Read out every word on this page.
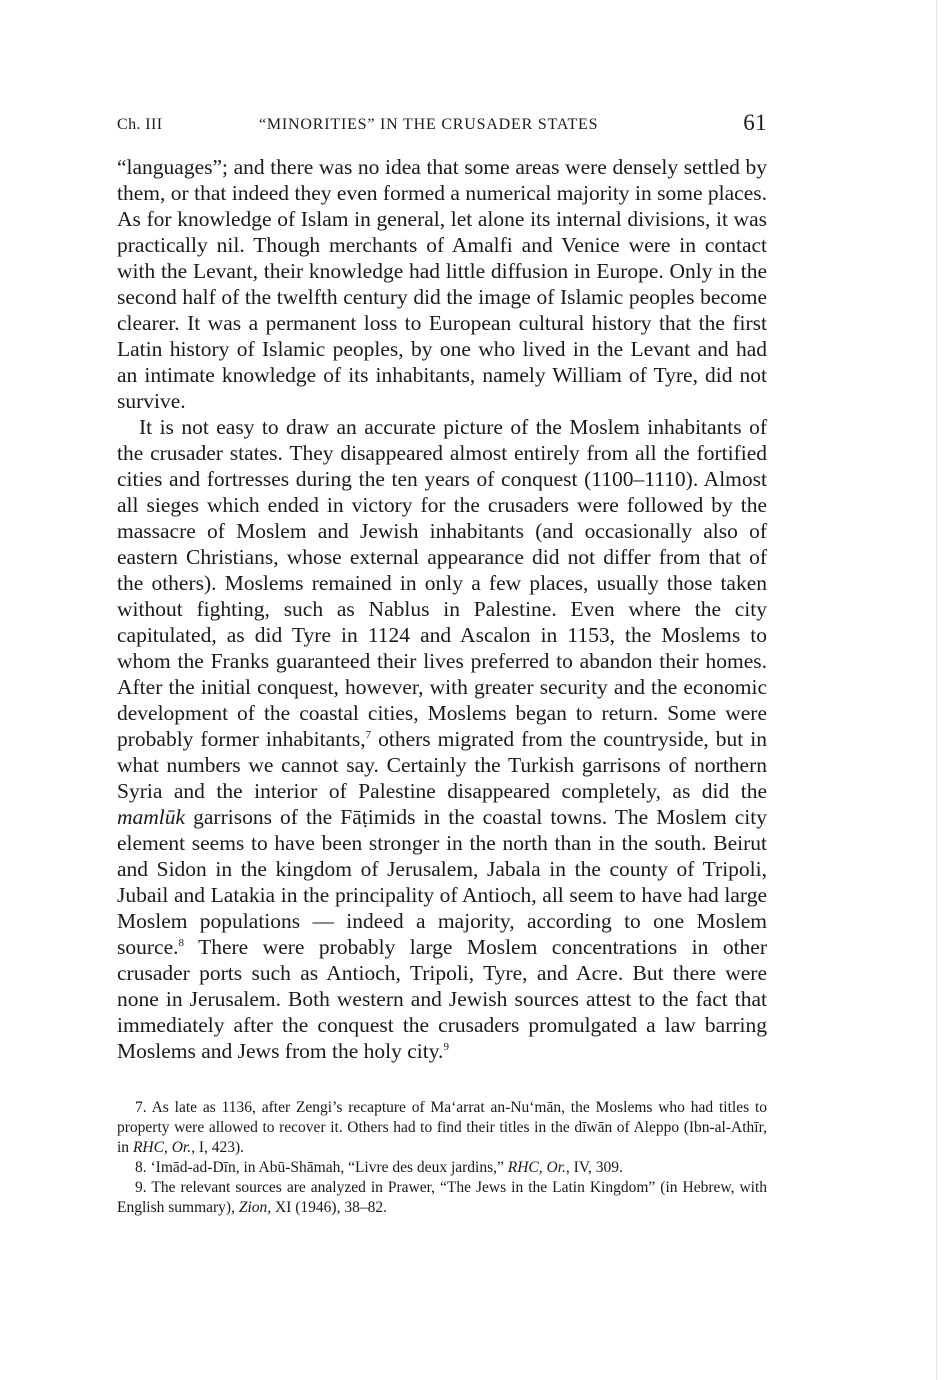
Ch. III	“MINORITIES” IN THE CRUSADER STATES	61

“languages”; and there was no idea that some areas were densely settled by them, or that indeed they even formed a numerical majority in some places. As for knowledge of Islam in general, let alone its internal divisions, it was practically nil. Though merchants of Amalfi and Venice were in contact with the Levant, their knowledge had little diffusion in Europe. Only in the second half of the twelfth century did the image of Islamic peoples become clearer. It was a permanent loss to European cultural history that the first Latin history of Islamic peoples, by one who lived in the Levant and had an intimate knowledge of its inhabitants, namely William of Tyre, did not survive.

It is not easy to draw an accurate picture of the Moslem inhabitants of the crusader states. They disappeared almost entirely from all the fortified cities and fortresses during the ten years of conquest (1100–1110). Almost all sieges which ended in victory for the crusaders were followed by the massacre of Moslem and Jewish inhabitants (and occasionally also of eastern Christians, whose external appearance did not differ from that of the others). Moslems remained in only a few places, usually those taken without fighting, such as Nablus in Palestine. Even where the city capitulated, as did Tyre in 1124 and Ascalon in 1153, the Moslems to whom the Franks guaranteed their lives preferred to abandon their homes. After the initial conquest, however, with greater security and the economic development of the coastal cities, Moslems began to return. Some were probably former inhabitants,$^7$ others migrated from the countryside, but in what numbers we cannot say. Certainly the Turkish garrisons of northern Syria and the interior of Palestine disappeared completely, as did the mamlūk garrisons of the Fāṭimids in the coastal towns. The Moslem city element seems to have been stronger in the north than in the south. Beirut and Sidon in the kingdom of Jerusalem, Jabala in the county of Tripoli, Jubail and Latakia in the principality of Antioch, all seem to have had large Moslem populations — indeed a majority, according to one Moslem source.$^8$ There were probably large Moslem concentrations in other crusader ports such as Antioch, Tripoli, Tyre, and Acre. But there were none in Jerusalem. Both western and Jewish sources attest to the fact that immediately after the conquest the crusaders promulgated a law barring Moslems and Jews from the holy city.$^9$

7. As late as 1136, after Zengi’s recapture of Ma‘arrat an-Nu‘mān, the Moslems who had titles to property were allowed to recover it. Others had to find their titles in the dīwān of Aleppo (Ibn-al-Athīr, in RHC, Or., I, 423).

8. ‘Imād-ad-Dīn, in Abū-Shāmah, “Livre des deux jardins,” RHC, Or., IV, 309.

9. The relevant sources are analyzed in Prawer, “The Jews in the Latin Kingdom” (in Hebrew, with English summary), Zion, XI (1946), 38–82.
